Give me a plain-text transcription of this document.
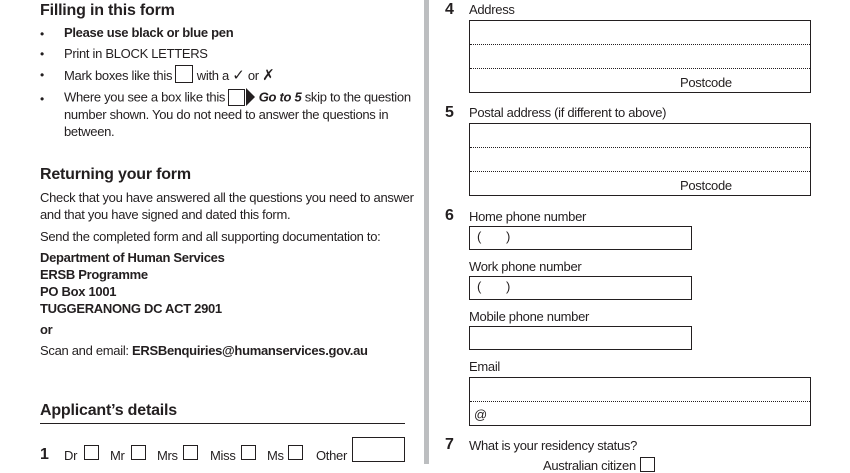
Filling in this form
• Please use black or blue pen
• Print in BLOCK LETTERS
• Mark boxes like this with a ✓ or ✗
• Where you see a box like this	Go to 5 skip to the question
number shown. You do not need to answer the questions in
between.
Returning your form
Check that you have answered all the questions you need to answer
and that you have signed and dated this form.
Send the completed form and all supporting documentation to:
Department of Human Services
ERSB Programme
PO Box 1001
TUGGERANONG DC ACT 2901
or
Scan and email: ERSBenquiries@humanservices.gov.au
Applicant’s details
1 Dr	Mr Mrs Miss Ms Other
4 Address
Postcode
5 Postal address (if different to above)
Postcode
6 Home phone number
( )
Work phone number
( )
Mobile phone number
Email
@
7 What is your residency status?
Australian citizen
